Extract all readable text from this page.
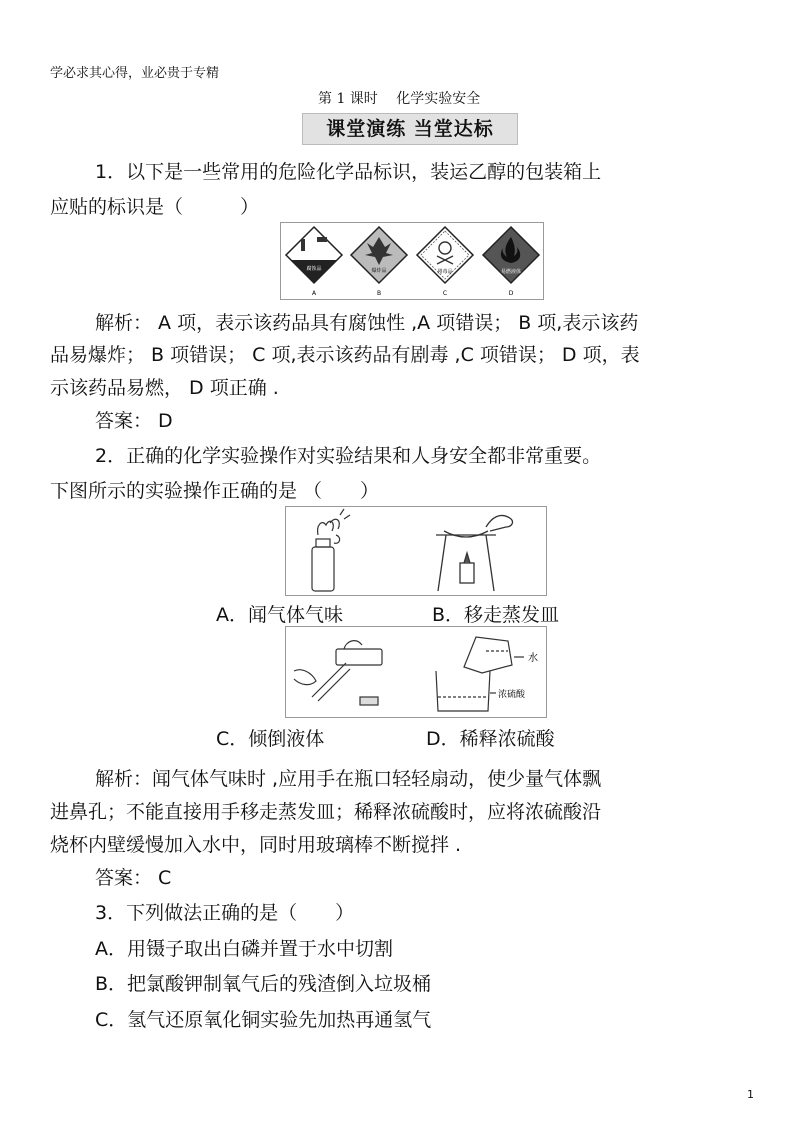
学必求其心得，业必贵于专精
第 1 课时　 化学实验安全
课堂演练 当堂达标
1．以下是一些常用的危险化学品标识，装运乙醇的包装箱上
应贴的标识是（　　　）
腐蚀品
A
爆炸品
B
剧毒品
C
易燃液体
D
解析： A 项，表示该药品具有腐蚀性 ,A 项错误； B 项,表示该药
品易爆炸； B 项错误； C 项,表示该药品有剧毒 ,C 项错误； D 项，表
示该药品易燃， D 项正确 .
答案： D
2．正确的化学实验操作对实验结果和人身安全都非常重要。
下图所示的实验操作正确的是 （　　）
A．闻气体气味	B．移走蒸发皿
水
浓硫酸
C．倾倒液体	D．稀释浓硫酸
解析：闻气体气味时 ,应用手在瓶口轻轻扇动，使少量气体飘
进鼻孔；不能直接用手移走蒸发皿；稀释浓硫酸时，应将浓硫酸沿
烧杯内壁缓慢加入水中，同时用玻璃棒不断搅拌 .
答案： C
3．下列做法正确的是（　　）
A．用镊子取出白磷并置于水中切割
B．把氯酸钾制氧气后的残渣倒入垃圾桶
C．氢气还原氧化铜实验先加热再通氢气
1
